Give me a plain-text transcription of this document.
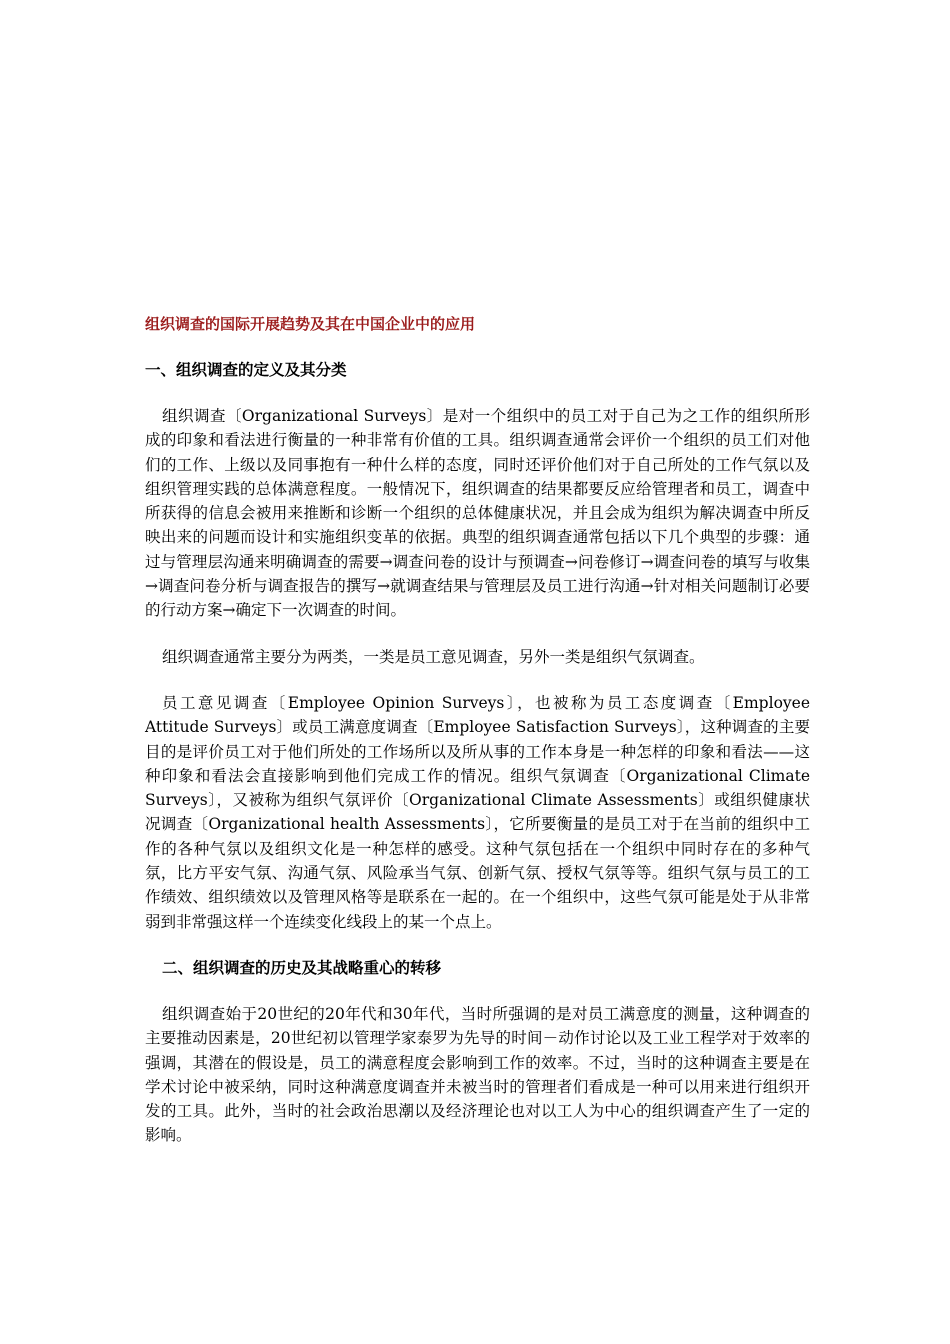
组织调查的国际开展趋势及其在中国企业中的应用
一、组织调查的定义及其分类

组织调查〔Organizational Surveys〕是对一个组织中的员工对于自己为之工作的组织所形成的印象和看法进行衡量的一种非常有价值的工具。组织调查通常会评价一个组织的员工们对他们的工作、上级以及同事抱有一种什么样的态度，同时还评价他们对于自己所处的工作气氛以及组织管理实践的总体满意程度。一般情况下，组织调查的结果都要反应给管理者和员工，调查中所获得的信息会被用来推断和诊断一个组织的总体健康状况，并且会成为组织为解决调查中所反映出来的问题而设计和实施组织变革的依据。典型的组织调查通常包括以下几个典型的步骤：通过与管理层沟通来明确调查的需要→调查问卷的设计与预调查→问卷修订→调查问卷的填写与收集→调查问卷分析与调查报告的撰写→就调查结果与管理层及员工进行沟通→针对相关问题制订必要的行动方案→确定下一次调查的时间。

组织调查通常主要分为两类，一类是员工意见调查，另外一类是组织气氛调查。

员工意见调查〔Employee Opinion Surveys〕，也被称为员工态度调查〔Employee Attitude Surveys〕或员工满意度调查〔Employee Satisfaction Surveys〕，这种调查的主要目的是评价员工对于他们所处的工作场所以及所从事的工作本身是一种怎样的印象和看法——这种印象和看法会直接影响到他们完成工作的情况。组织气氛调查〔Organizational Climate Surveys〕，又被称为组织气氛评价〔Organizational Climate Assessments〕或组织健康状况调查〔Organizational health Assessments〕，它所要衡量的是员工对于在当前的组织中工作的各种气氛以及组织文化是一种怎样的感受。这种气氛包括在一个组织中同时存在的多种气氛，比方平安气氛、沟通气氛、风险承当气氛、创新气氛、授权气氛等等。组织气氛与员工的工作绩效、组织绩效以及管理风格等是联系在一起的。在一个组织中，这些气氛可能是处于从非常弱到非常强这样一个连续变化线段上的某一个点上。

二、组织调查的历史及其战略重心的转移

组织调查始于20世纪的20年代和30年代，当时所强调的是对员工满意度的测量，这种调查的主要推动因素是，20世纪初以管理学家泰罗为先导的时间－动作讨论以及工业工程学对于效率的强调，其潜在的假设是，员工的满意程度会影响到工作的效率。不过，当时的这种调查主要是在学术讨论中被采纳，同时这种满意度调查并未被当时的管理者们看成是一种可以用来进行组织开发的工具。此外，当时的社会政治思潮以及经济理论也对以工人为中心的组织调查产生了一定的影响。
